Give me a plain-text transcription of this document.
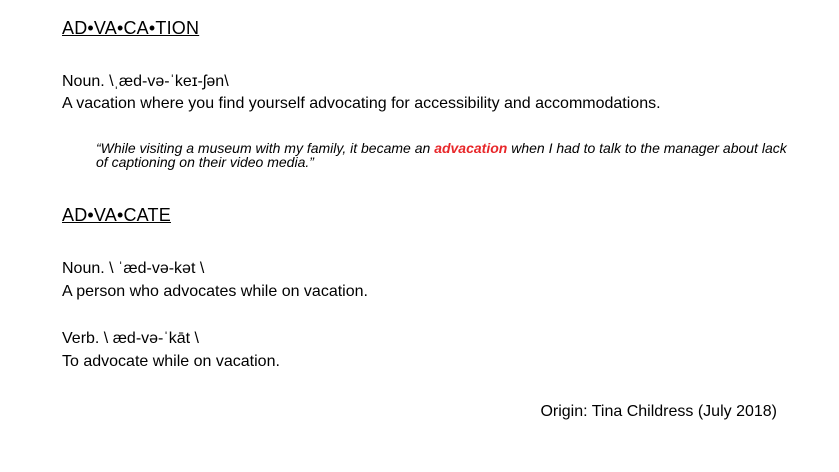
AD•VA•CA•TION
Noun. \ˌæd-və-ˈkeɪ-ʃən\
A vacation where you find yourself advocating for accessibility and accommodations.
“While visiting a museum with my family, it became an advacation when I had to talk to the manager about lack of captioning on their video media.”
AD•VA•CATE
Noun. \ ˈæd-və-kət \
A person who advocates while on vacation.
Verb. \ æd-və-ˈkāt \
To advocate while on vacation.
Origin: Tina Childress (July 2018)
